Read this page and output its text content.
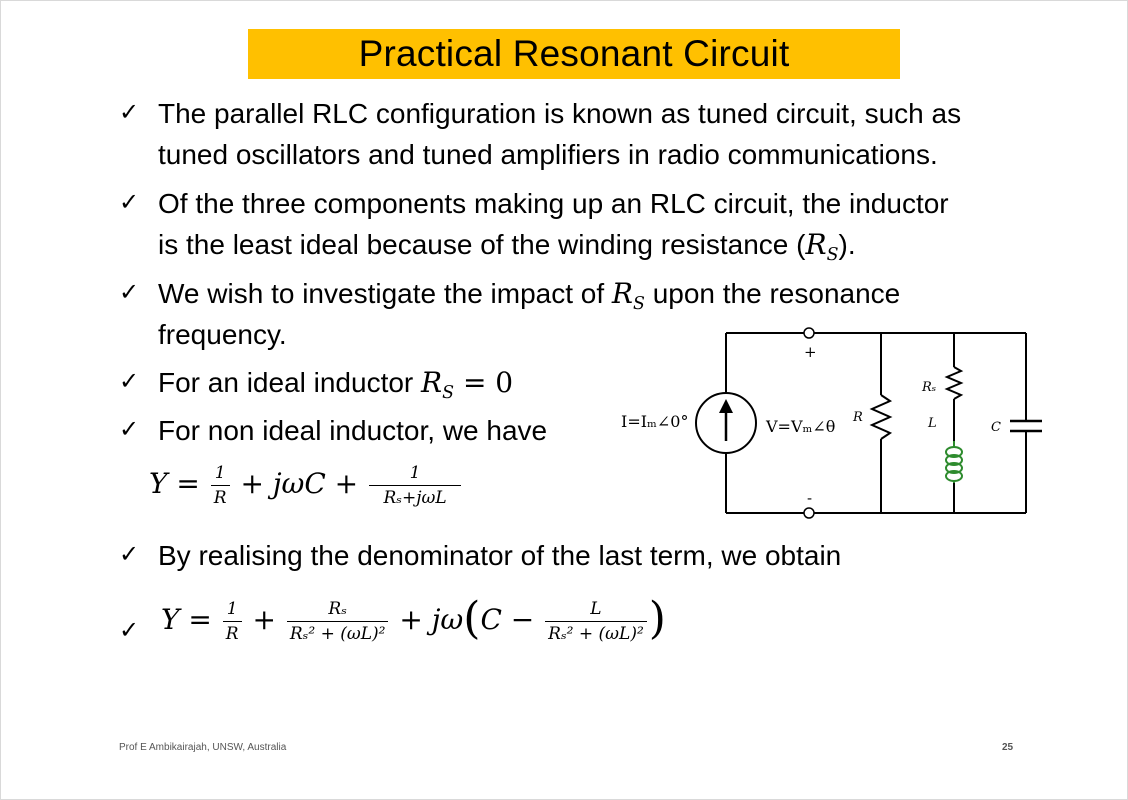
Practical Resonant Circuit
✓ The parallel RLC configuration is known as tuned circuit, such as
tuned oscillators and tuned amplifiers in radio communications.
✓ Of the three components making up an RLC circuit, the inductor
is the least ideal because of the winding resistance $(R_S)$.
✓ We wish to investigate the impact of $R_S$ upon the resonance
frequency.
✓ For an ideal inductor $R_S = 0$
✓ For non ideal inductor, we have
$Y = \frac{1}{R} + j\omega C + \frac{1}{\text{Rₛ+jωL}}$
✓ By realising the denominator of the last term, we obtain
✓ $Y = \frac{1}{R} + \frac{\text{Rₛ}}{\text{Rₛ² + (ωL)²}} + j\omega(C - \frac{L}{\text{Rₛ² + (ωL)²}}$ )
+
-
I=Iₘ∠0°	V=Vₘ∠θ R
Rₛ
L	C
Prof E Ambikairajah, UNSW, Australia	25
